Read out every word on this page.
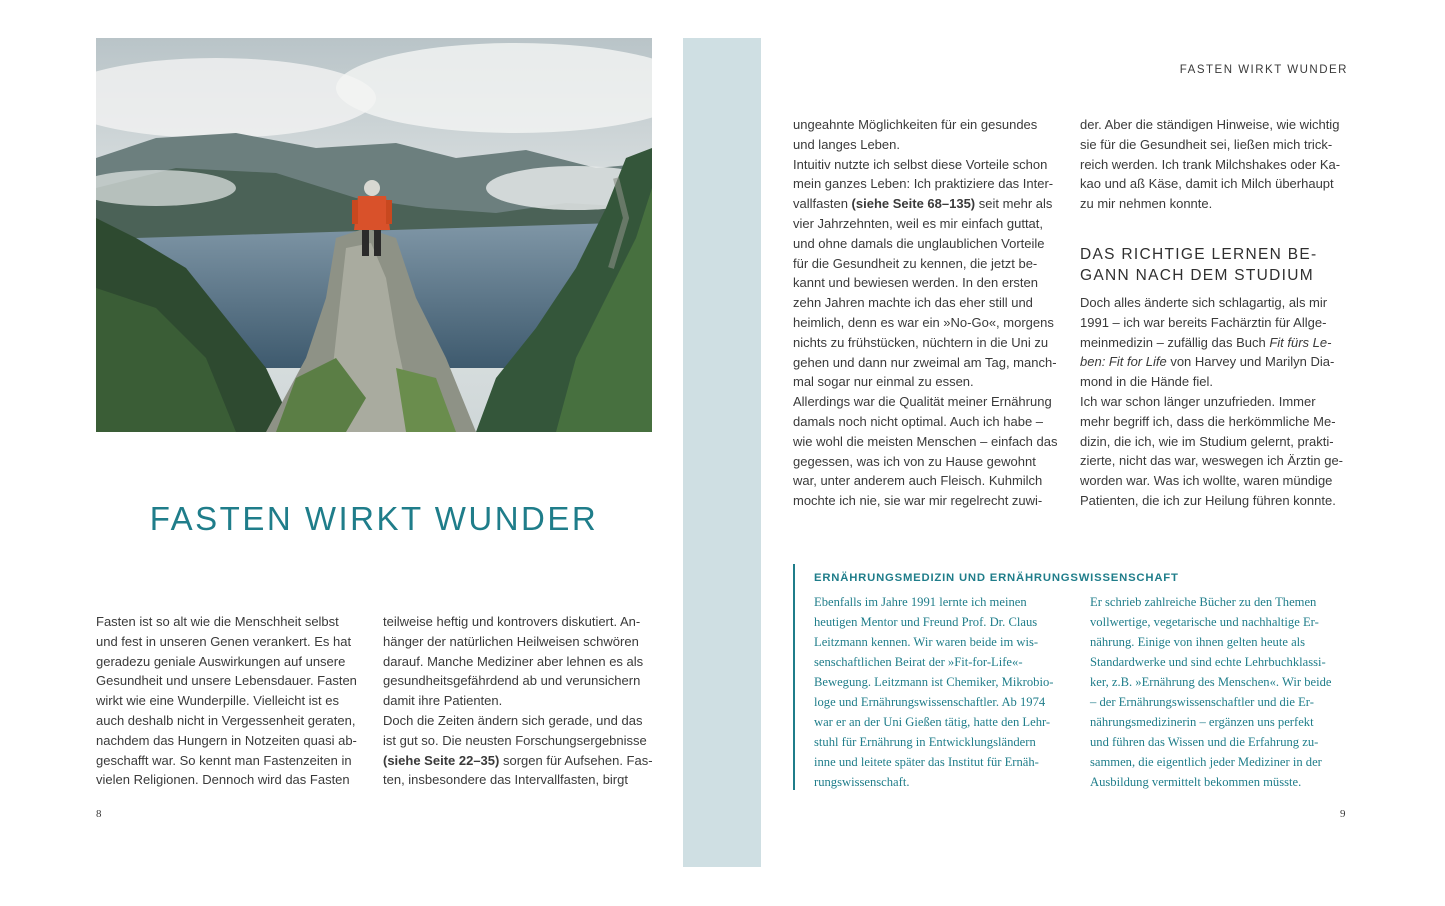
FASTEN WIRKT WUNDER

Fasten ist so alt wie die Menschheit selbst
und fest in unseren Genen verankert. Es hat
geradezu geniale Auswirkungen auf unsere
Gesundheit und unsere Lebensdauer. Fasten
wirkt wie eine Wunderpille. Vielleicht ist es
auch deshalb nicht in Vergessenheit geraten,
nachdem das Hungern in Notzeiten quasi ab-
geschafft war. So kennt man Fastenzeiten in
vielen Religionen. Dennoch wird das Fasten

teilweise heftig und kontrovers diskutiert. An-
hänger der natürlichen Heilweisen schwören
darauf. Manche Mediziner aber lehnen es als
gesundheitsgefährdend ab und verunsichern
damit ihre Patienten.
Doch die Zeiten ändern sich gerade, und das
ist gut so. Die neusten Forschungsergebnisse
(siehe Seite 22–35) sorgen für Aufsehen. Fas-
ten, insbesondere das Intervallfasten, birgt

8
FASTEN WIRKT WUNDER

ungeahnte Möglichkeiten für ein gesundes
und langes Leben.
Intuitiv nutzte ich selbst diese Vorteile schon
mein ganzes Leben: Ich praktiziere das Inter-
vallfasten (siehe Seite 68–135) seit mehr als
vier Jahrzehnten, weil es mir einfach guttat,
und ohne damals die unglaublichen Vorteile
für die Gesundheit zu kennen, die jetzt be-
kannt und bewiesen werden. In den ersten
zehn Jahren machte ich das eher still und
heimlich, denn es war ein »No-Go«, morgens
nichts zu frühstücken, nüchtern in die Uni zu
gehen und dann nur zweimal am Tag, manch-
mal sogar nur einmal zu essen.
Allerdings war die Qualität meiner Ernährung
damals noch nicht optimal. Auch ich habe –
wie wohl die meisten Menschen – einfach das
gegessen, was ich von zu Hause gewohnt
war, unter anderem auch Fleisch. Kuhmilch
mochte ich nie, sie war mir regelrecht zuwi-

der. Aber die ständigen Hinweise, wie wichtig
sie für die Gesundheit sei, ließen mich trick-
reich werden. Ich trank Milchshakes oder Ka-
kao und aß Käse, damit ich Milch überhaupt
zu mir nehmen konnte.

DAS RICHTIGE LERNEN BE-
GANN NACH DEM STUDIUM

Doch alles änderte sich schlagartig, als mir
1991 – ich war bereits Fachärztin für Allge-
meinmedizin – zufällig das Buch Fit fürs Le-
ben: Fit for Life von Harvey und Marilyn Dia-
mond in die Hände fiel.
Ich war schon länger unzufrieden. Immer
mehr begriff ich, dass die herkömmliche Me-
dizin, die ich, wie im Studium gelernt, prakti-
zierte, nicht das war, weswegen ich Ärztin ge-
worden war. Was ich wollte, waren mündige
Patienten, die ich zur Heilung führen konnte.

ERNÄHRUNGSMEDIZIN UND ERNÄHRUNGSWISSENSCHAFT

Ebenfalls im Jahre 1991 lernte ich meinen
heutigen Mentor und Freund Prof. Dr. Claus
Leitzmann kennen. Wir waren beide im wis-
senschaftlichen Beirat der »Fit-for-Life«-
Bewegung. Leitzmann ist Chemiker, Mikrobio-
loge und Ernährungswissenschaftler. Ab 1974
war er an der Uni Gießen tätig, hatte den Lehr-
stuhl für Ernährung in Entwicklungsländern
inne und leitete später das Institut für Ernäh-
rungswissenschaft.

Er schrieb zahlreiche Bücher zu den Themen
vollwertige, vegetarische und nachhaltige Er-
nährung. Einige von ihnen gelten heute als
Standardwerke und sind echte Lehrbuchklassi-
ker, z.B. »Ernährung des Menschen«. Wir beide
– der Ernährungswissenschaftler und die Er-
nährungsmedizinerin – ergänzen uns perfekt
und führen das Wissen und die Erfahrung zu-
sammen, die eigentlich jeder Mediziner in der
Ausbildung vermittelt bekommen müsste.

9
